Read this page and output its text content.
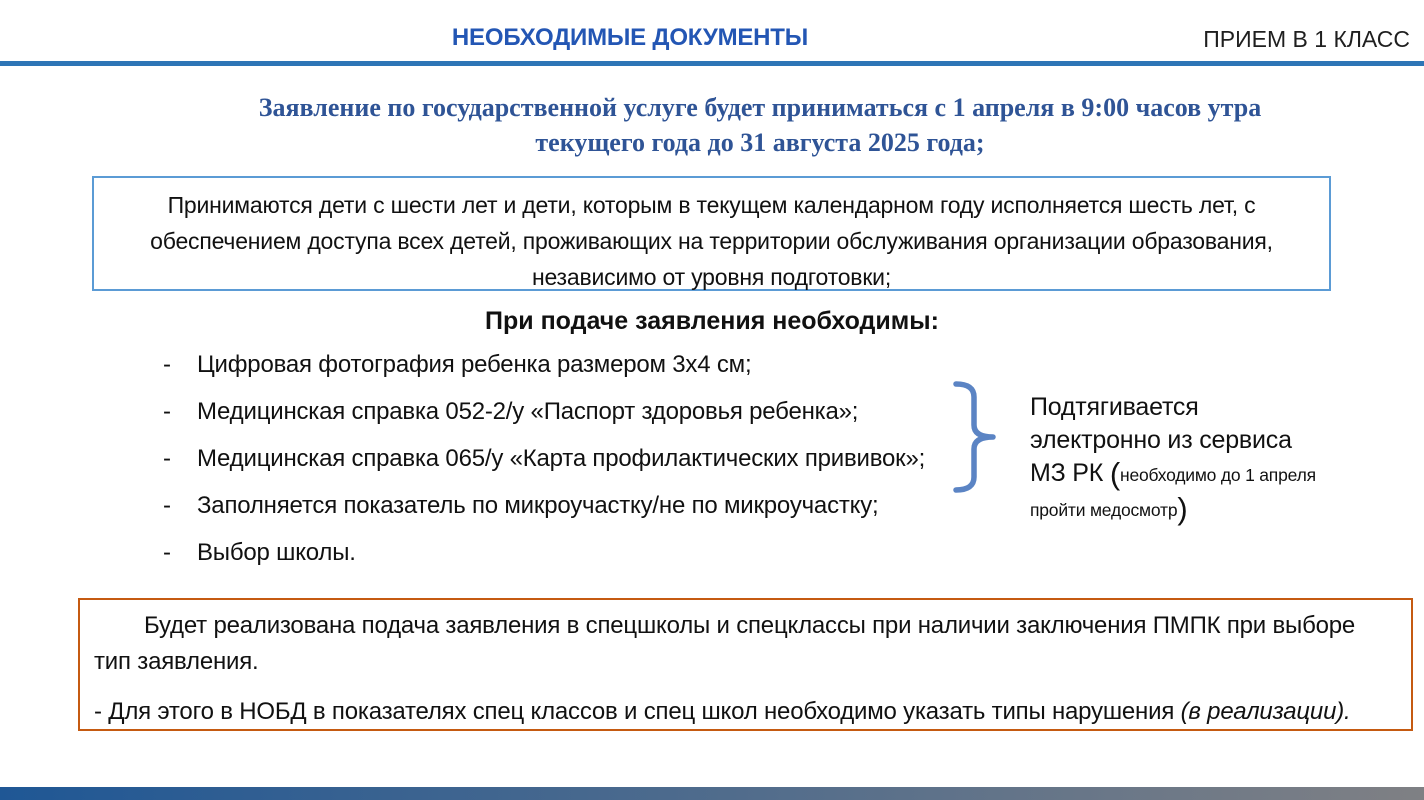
НЕОБХОДИМЫЕ ДОКУМЕНТЫ	ПРИЕМ В 1 КЛАСС
Заявление по государственной услуге будет приниматься с 1 апреля в 9:00 часов утра
текущего года до 31 августа 2025 года;
Принимаются дети с шести лет и дети, которым в текущем календарном году исполняется шесть лет, с
обеспечением доступа всех детей, проживающих на территории обслуживания организации образования,
независимо от уровня подготовки;
При подаче заявления необходимы:
-	Цифровая фотография ребенка размером 3х4 см;
-	Медицинская справка 052-2/у «Паспорт здоровья ребенка»;
-	Медицинская справка 065/у «Карта профилактических прививок»;
-	Заполняется показатель по микроучастку/не по микроучастку;
-	Выбор школы.
Подтягивается электронно из сервиса МЗ РК (необходимо до 1 апреля пройти медосмотр)
Будет реализована подача заявления в спецшколы и спецклассы при наличии заключения ПМПК при выборе
тип заявления.
- Для этого в НОБД в показателях спец классов и спец школ необходимо указать типы нарушения (в реализации).
